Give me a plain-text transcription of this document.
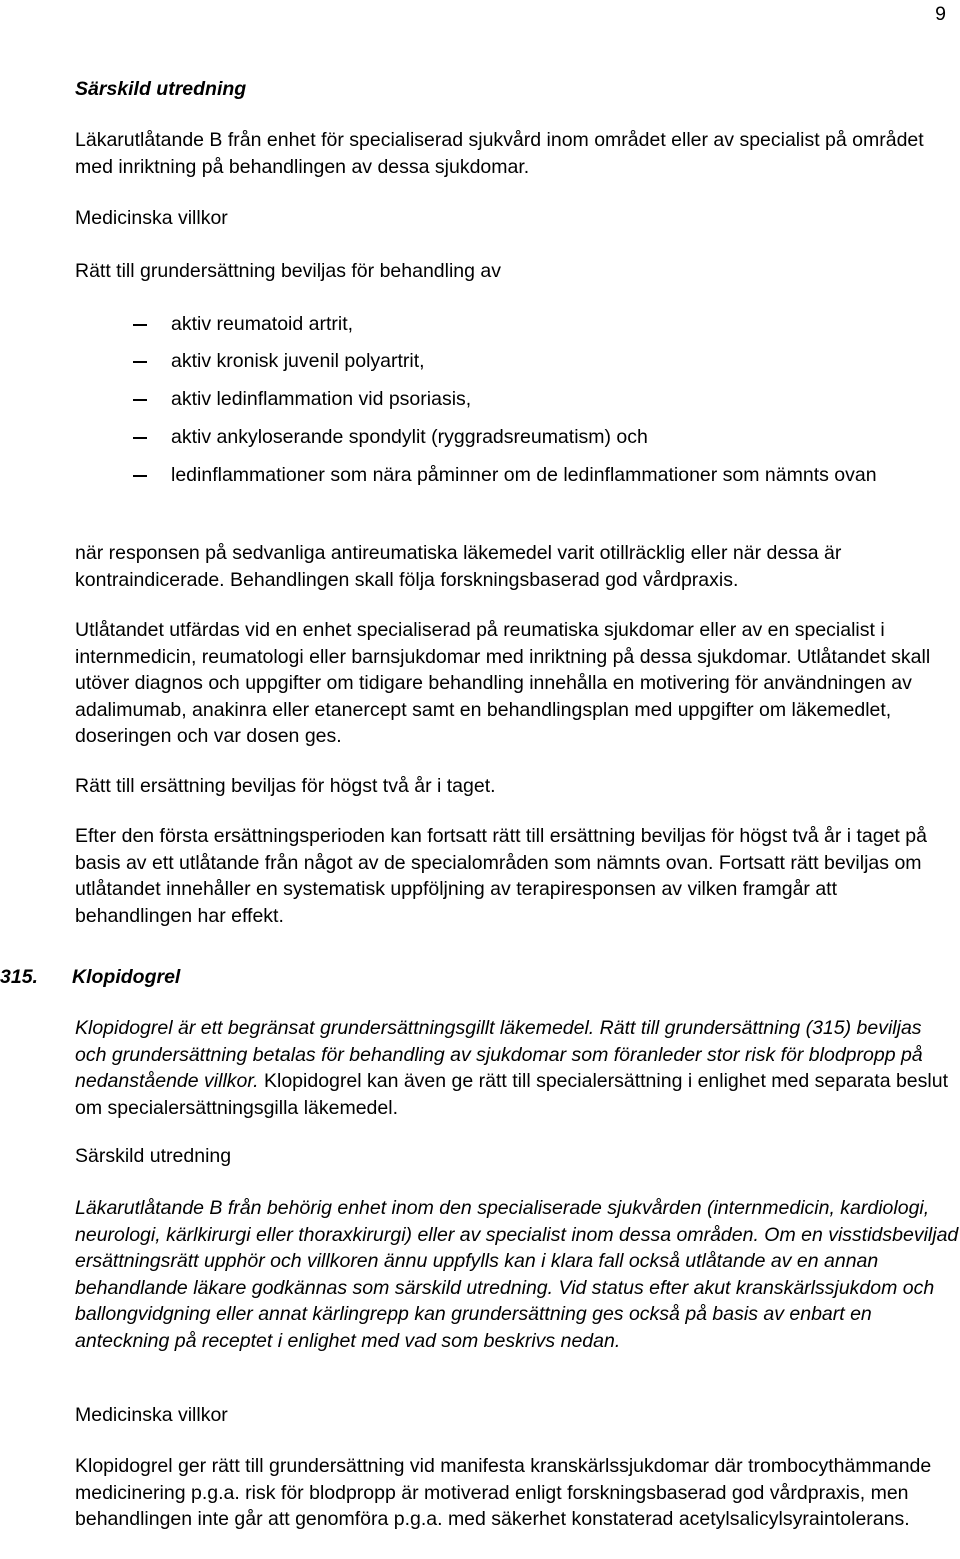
9
Särskild utredning

Läkarutlåtande B från enhet för specialiserad sjukvård inom området eller av specialist på området med inriktning på behandlingen av dessa sjukdomar.

Medicinska villkor

Rätt till grundersättning beviljas för behandling av

aktiv reumatoid artrit,
aktiv kronisk juvenil polyartrit,
aktiv ledinflammation vid psoriasis,
aktiv ankyloserande spondylit (ryggradsreumatism) och
ledinflammationer som nära påminner om de ledinflammationer som nämnts ovan

när responsen på sedvanliga antireumatiska läkemedel varit otillräcklig eller när dessa är kontraindicerade. Behandlingen skall följa forskningsbaserad god vårdpraxis.

Utlåtandet utfärdas vid en enhet specialiserad på reumatiska sjukdomar eller av en specialist i internmedicin, reumatologi eller barnsjukdomar med inriktning på dessa sjukdomar. Utlåtandet skall utöver diagnos och uppgifter om tidigare behandling innehålla en motivering för användningen av adalimumab, anakinra eller etanercept samt en behandlingsplan med uppgifter om läkemedlet, doseringen och var dosen ges.

Rätt till ersättning beviljas för högst två år i taget.

Efter den första ersättningsperioden kan fortsatt rätt till ersättning beviljas för högst två år i taget på basis av ett utlåtande från något av de specialområden som nämnts ovan. Fortsatt rätt beviljas om utlåtandet innehåller en systematisk uppföljning av terapiresponsen av vilken framgår att behandlingen har effekt.

315. Klopidogrel

Klopidogrel är ett begränsat grundersättningsgillt läkemedel. Rätt till grundersättning (315) beviljas och grundersättning betalas för behandling av sjukdomar som föranleder stor risk för blodpropp på nedanstående villkor. Klopidogrel kan även ge rätt till specialersättning i enlighet med separata beslut om specialersättningsgilla läkemedel.

Särskild utredning

Läkarutlåtande B från behörig enhet inom den specialiserade sjukvården (internmedicin, kardiologi, neurologi, kärlkirurgi eller thoraxkirurgi) eller av specialist inom dessa områden. Om en visstidsbeviljad ersättningsrätt upphör och villkoren ännu uppfylls kan i klara fall också utlåtande av en annan behandlande läkare godkännas som särskild utredning. Vid status efter akut kranskärlssjukdom och ballongvidgning eller annat kärlingrepp kan grundersättning ges också på basis av enbart en anteckning på receptet i enlighet med vad som beskrivs nedan.

Medicinska villkor

Klopidogrel ger rätt till grundersättning vid manifesta kranskärlssjukdomar där trombocythämmande medicinering p.g.a. risk för blodpropp är motiverad enligt forskningsbaserad god vårdpraxis, men behandlingen inte går att genomföra p.g.a. med säkerhet konstaterad acetylsalicylsyraintolerans.
